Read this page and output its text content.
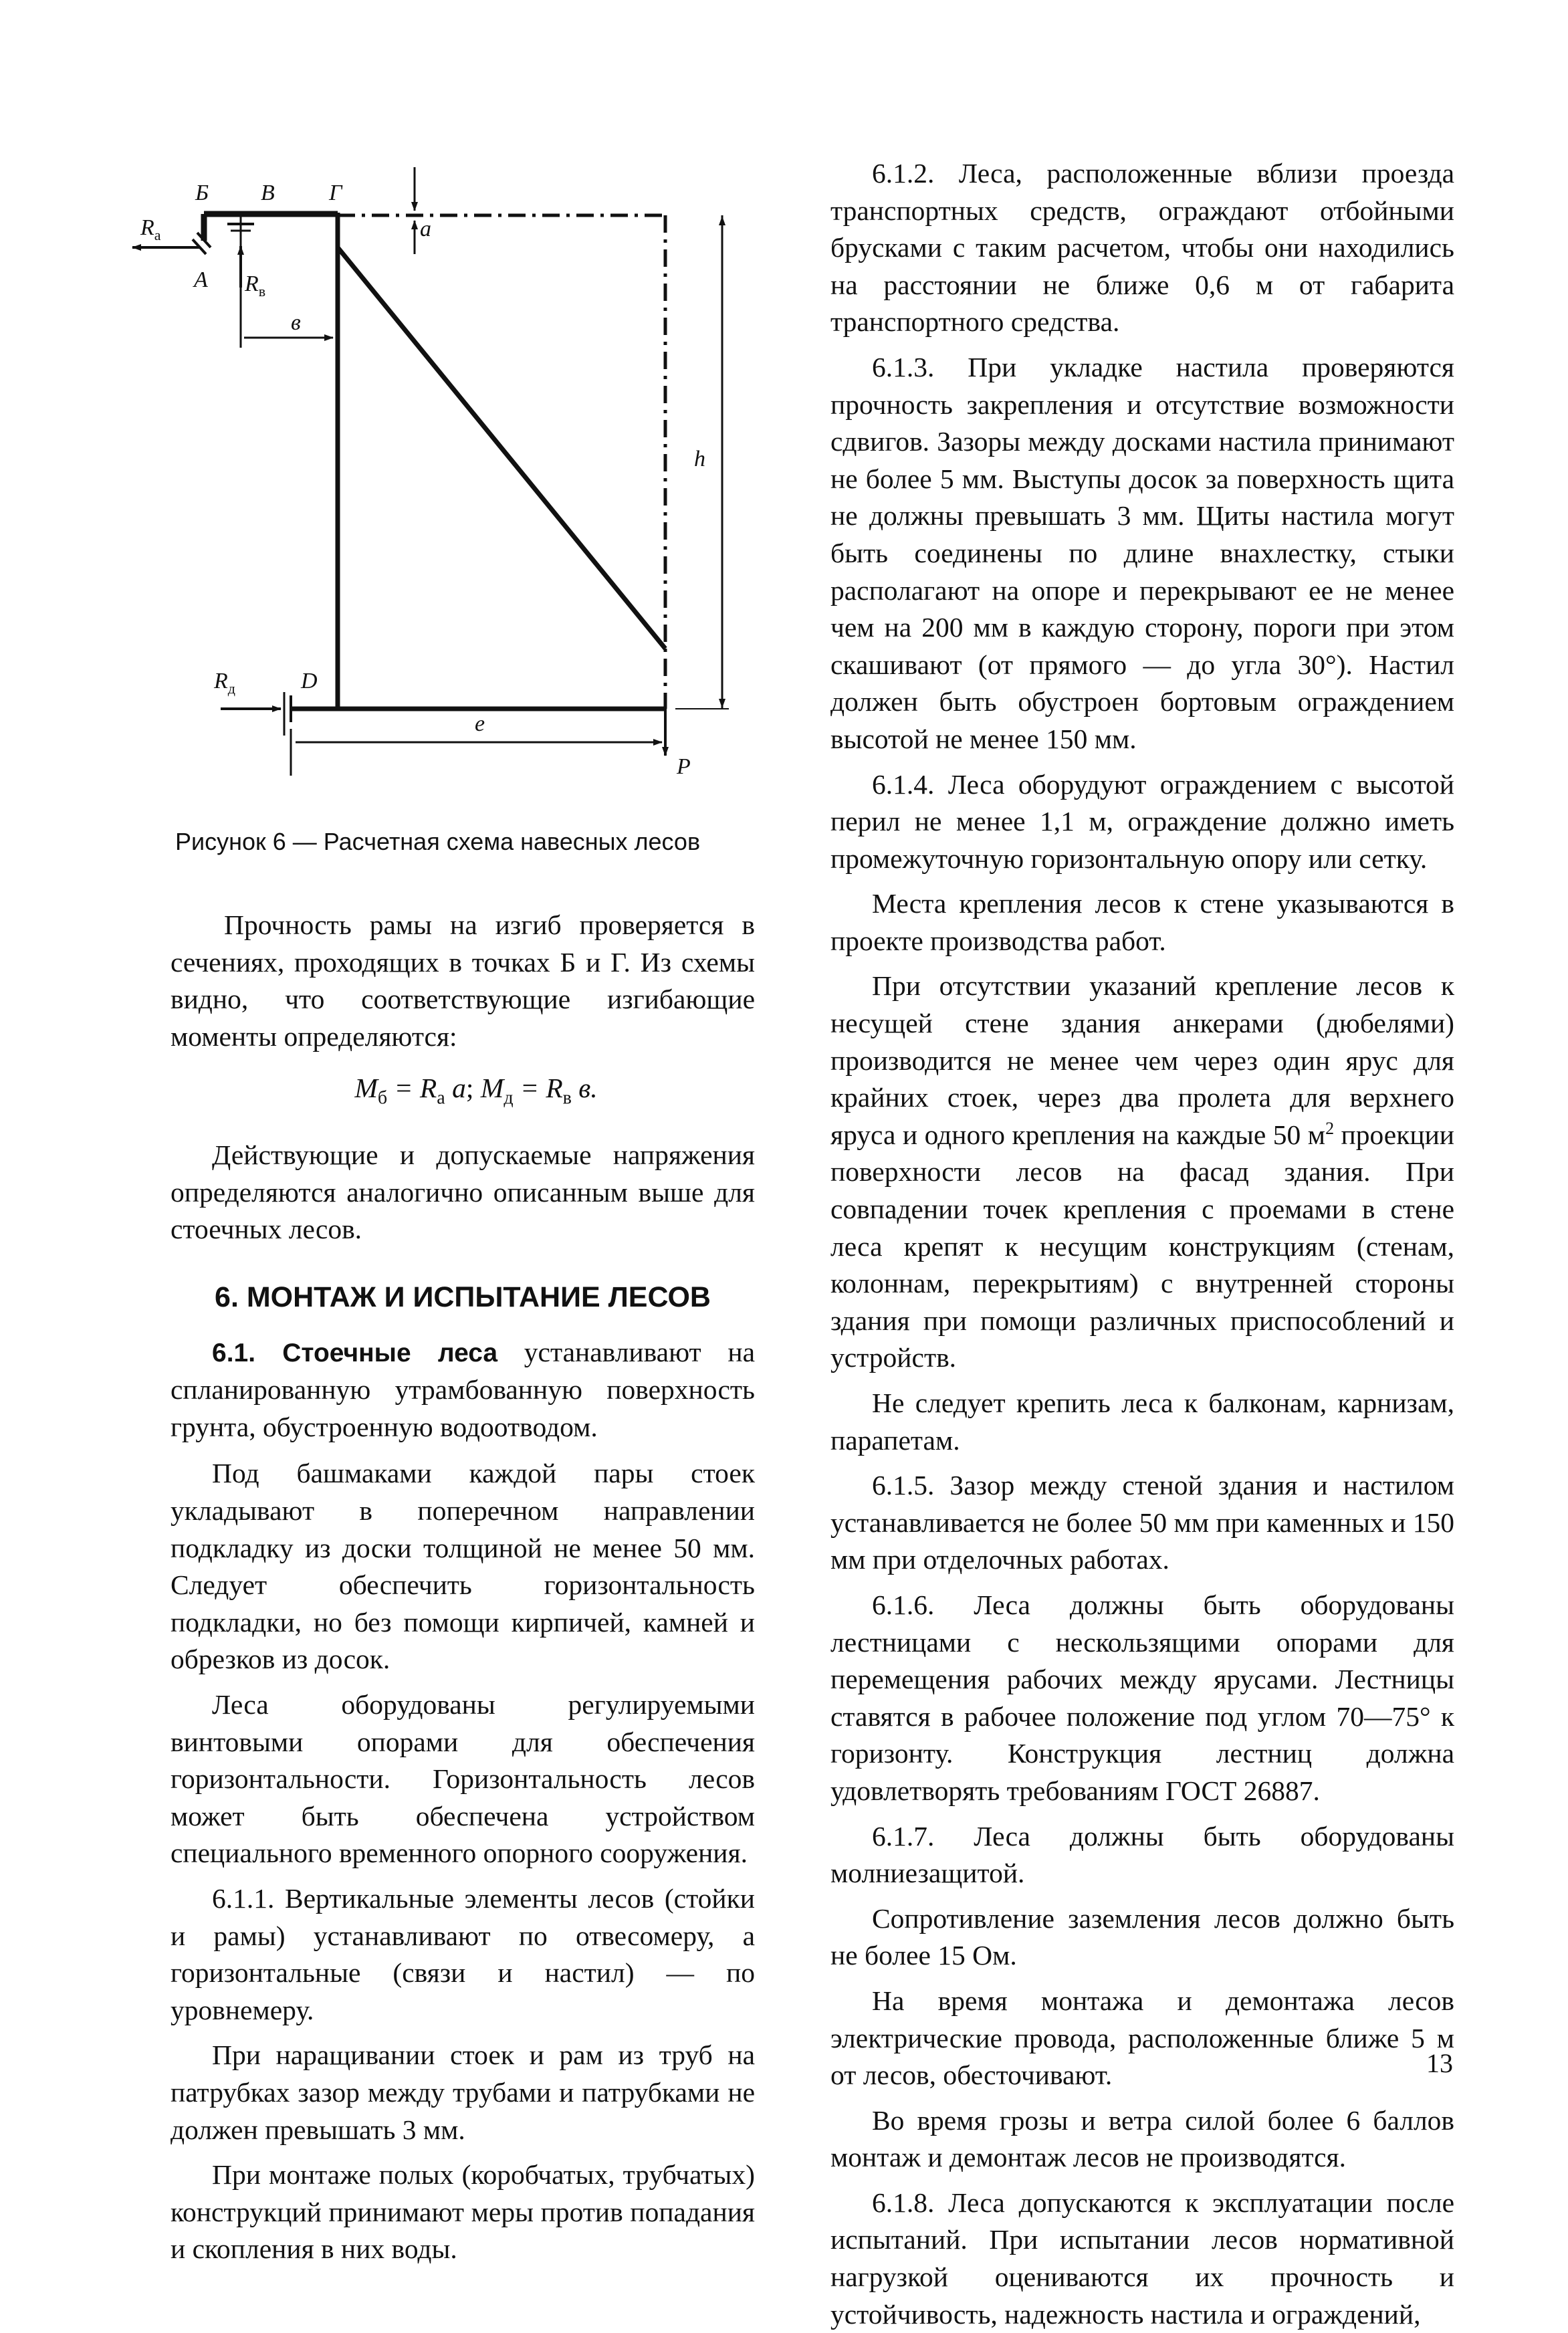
Б В Г
а
$R_а$
А $R_в$
в
h
$R_д$	D
е
P
Рисунок 6 — Расчетная схема навесных лесов

Прочность рамы на изгиб проверяется в сечениях, проходящих в точках Б и Г. Из схемы видно, что соответствующие изгибающие моменты определяются:

$М_б = R_а$ а; $М_д = R_в$ в.

Действующие и допускаемые напряжения определяются аналогично описанным выше для стоечных лесов.

6. МОНТАЖ И ИСПЫТАНИЕ ЛЕСОВ

6.1. Стоечные леса устанавливают на спланированную утрамбованную поверхность грунта, обустроенную водоотводом.

Под башмаками каждой пары стоек укладывают в поперечном направлении подкладку из доски толщиной не менее 50 мм. Следует обеспечить горизонтальность подкладки, но без помощи кирпичей, камней и обрезков из досок.

Леса оборудованы регулируемыми винтовыми опорами для обеспечения горизонтальности. Горизонтальность лесов может быть обеспечена устройством специального временного опорного сооружения.

6.1.1. Вертикальные элементы лесов (стойки и рамы) устанавливают по отвесомеру, а горизонтальные (связи и настил) — по уровнемеру.

При наращивании стоек и рам из труб на патрубках зазор между трубами и патрубками не должен превышать 3 мм.

При монтаже полых (коробчатых, трубчатых) конструкций принимают меры против попадания и скопления в них воды.

6.1.2. Леса, расположенные вблизи проезда транспортных средств, ограждают отбойными брусками с таким расчетом, чтобы они находились на расстоянии не ближе 0,6 м от габарита транспортного средства.

6.1.3. При укладке настила проверяются прочность закрепления и отсутствие возможности сдвигов. Зазоры между досками настила принимают не более 5 мм. Выступы досок за поверхность щита не должны превышать 3 мм. Щиты настила могут быть соединены по длине внахлестку, стыки располагают на опоре и перекрывают ее не менее чем на 200 мм в каждую сторону, пороги при этом скашивают (от прямого — до угла 30°). Настил должен быть обустроен бортовым ограждением высотой не менее 150 мм.

6.1.4. Леса оборудуют ограждением с высотой перил не менее 1,1 м, ограждение должно иметь промежуточную горизонтальную опору или сетку.

Места крепления лесов к стене указываются в проекте производства работ.

При отсутствии указаний крепление лесов к несущей стене здания анкерами (дюбелями) производится не менее чем через один ярус для крайних стоек, через два пролета для верхнего яруса и одного крепления на каждые 50 $м^2$ проекции поверхности лесов на фасад здания. При совпадении точек крепления с проемами в стене леса крепят к несущим конструкциям (стенам, колоннам, перекрытиям) с внутренней стороны здания при помощи различных приспособлений и устройств.

Не следует крепить леса к балконам, карнизам, парапетам.

6.1.5. Зазор между стеной здания и настилом устанавливается не более 50 мм при каменных и 150 мм при отделочных работах.

6.1.6. Леса должны быть оборудованы лестницами с нескользящими опорами для перемещения рабочих между ярусами. Лестницы ставятся в рабочее положение под углом 70—75° к горизонту. Конструкция лестниц должна удовлетворять требованиям ГОСТ 26887.

6.1.7. Леса должны быть оборудованы молниезащитой.

Сопротивление заземления лесов должно быть не более 15 Ом.

На время монтажа и демонтажа лесов электрические провода, расположенные ближе 5 м от лесов, обесточивают.

Во время грозы и ветра силой более 6 баллов монтаж и демонтаж лесов не производятся.

6.1.8. Леса допускаются к эксплуатации после испытаний. При испытании лесов нормативной нагрузкой оцениваются их прочность и устойчивость, надежность настила и ограждений,

13
